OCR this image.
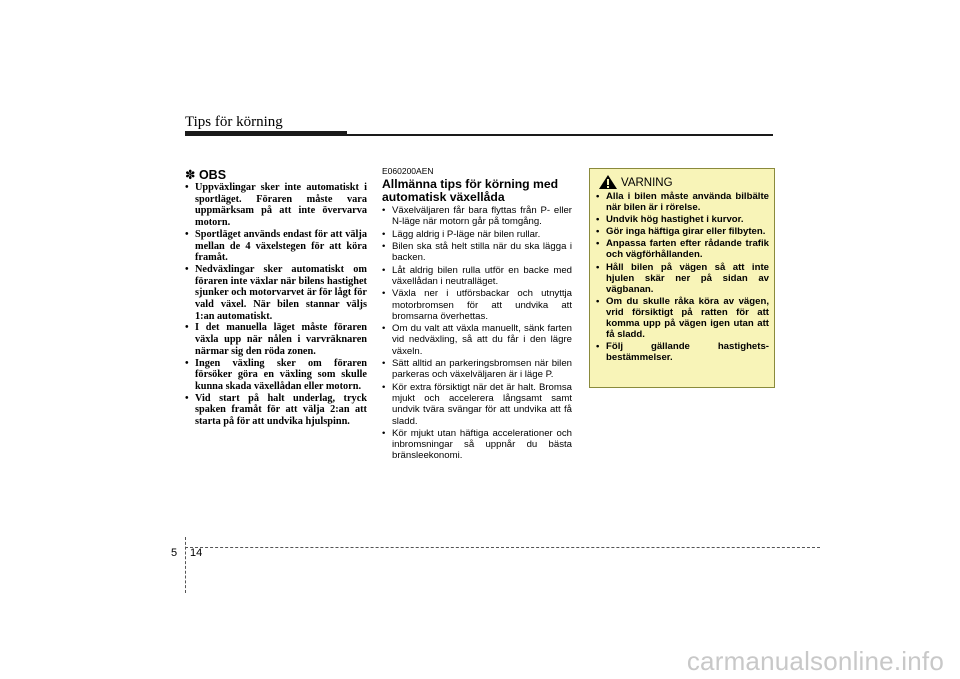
Tips för körning
✽ OBS
• Uppväxlingar sker inte automatiskt i sportläget. Föraren måste vara uppmärksam på att inte övervarva motorn.
• Sportläget används endast för att välja mellan de 4 växelstegen för att köra framåt.
• Nedväxlingar sker automatiskt om föraren inte växlar när bilens hastighet sjunker och motorvarvet är för lågt för vald växel. När bilen stannar väljs 1:an automatiskt.
• I det manuella läget måste föraren växla upp när nålen i varvräknaren närmar sig den röda zonen.
• Ingen växling sker om föraren försöker göra en växling som skulle kunna skada växellådan eller motorn.
• Vid start på halt underlag, tryck spaken framåt för att välja 2:an att starta på för att undvika hjulspinn.
E060200AEN
Allmänna tips för körning med automatisk växellåda
• Växelväljaren får bara flyttas från P- eller N-läge när motorn går på tomgång.
• Lägg aldrig i P-läge när bilen rullar.
• Bilen ska stå helt stilla när du ska lägga i backen.
• Låt aldrig bilen rulla utför en backe med växellådan i neutralläget.
• Växla ner i utförsbackar och utnyttja motorbromsen för att undvika att bromsarna överhettas.
• Om du valt att växla manuellt, sänk farten vid nedväxling, så att du får i den lägre växeln.
• Sätt alltid an parkeringsbromsen när bilen parkeras och växelväljaren är i läge P.
• Kör extra försiktigt när det är halt. Bromsa mjukt och accelerera långsamt samt undvik tvära svängar för att undvika att få sladd.
• Kör mjukt utan häftiga accelerationer och inbromsningar så uppnår du bästa bränsleekonomi.
VARNING
• Alla i bilen måste använda bilbälte när bilen är i rörelse.
• Undvik hög hastighet i kurvor.
• Gör inga häftiga girar eller filbyten.
• Anpassa farten efter rådande trafik och vägförhållanden.
• Håll bilen på vägen så att inte hjulen skär ner på sidan av vägbanan.
• Om du skulle råka köra av vägen, vrid försiktigt på ratten för att komma upp på vägen igen utan att få sladd.
• Följ gällande hastighets-bestämmelser.
5 14
carmanualsonline.info
